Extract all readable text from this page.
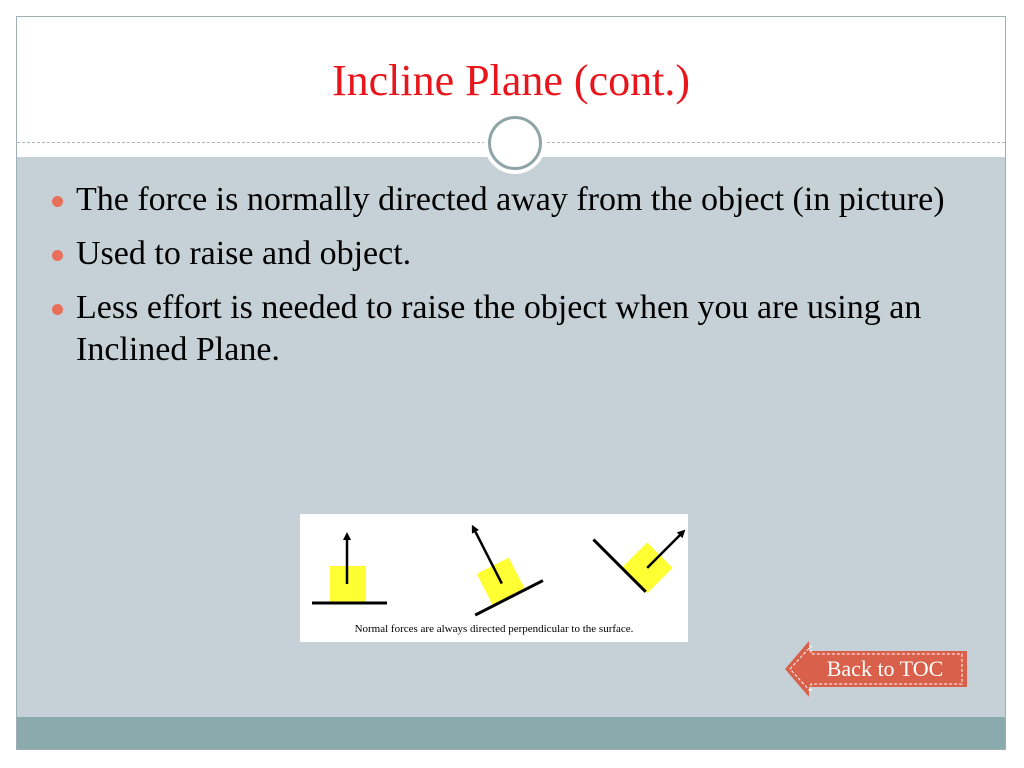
Incline Plane (cont.)
The force is normally directed away from the object (in picture)
Used to raise and object.
Less effort is needed to raise the object when you are using an Inclined Plane.
Normal forces are always directed perpendicular to the surface.
Back to TOC
